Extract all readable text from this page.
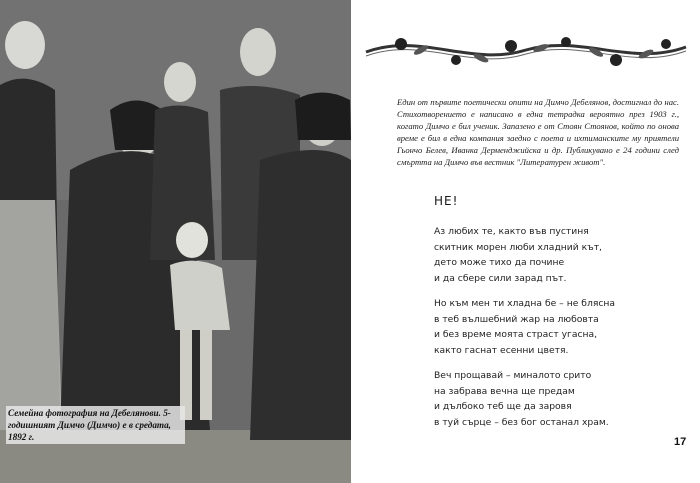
Семейна фотография на Дебелянови. 5-годишният Димчо (Димчо) е в средата, 1892 г.
Един от първите поетически опити на Димчо Дебелянов, достигнал до нас. Стихотворението е написано в една тетрадка вероятно през 1903 г., когато Димчо е бил ученик. Запазено е от Стоян Стоянов, който по онова време е бил в една компания заедно с поета и ихтиманските му приятели Гьончо Белев, Иванка Дерменджийска и др. Публикувано е 24 години след смъртта на Димчо във вестник "Литературен живот".
НЕ!
Аз любих те, както във пустиня
скитник морен люби хладний кът,
дето може тихо да почине
и да сбере сили зарад път.
Но към мен ти хладна бе – не блясна
в теб вълшебний жар на любовта
и без време моята страст угасна,
както гаснат есенни цветя.
Веч прощавай – миналото срито
на забрава вечна ще предам
и дълбоко теб ще да заровя
в туй сърце – без бог останал храм.
17
